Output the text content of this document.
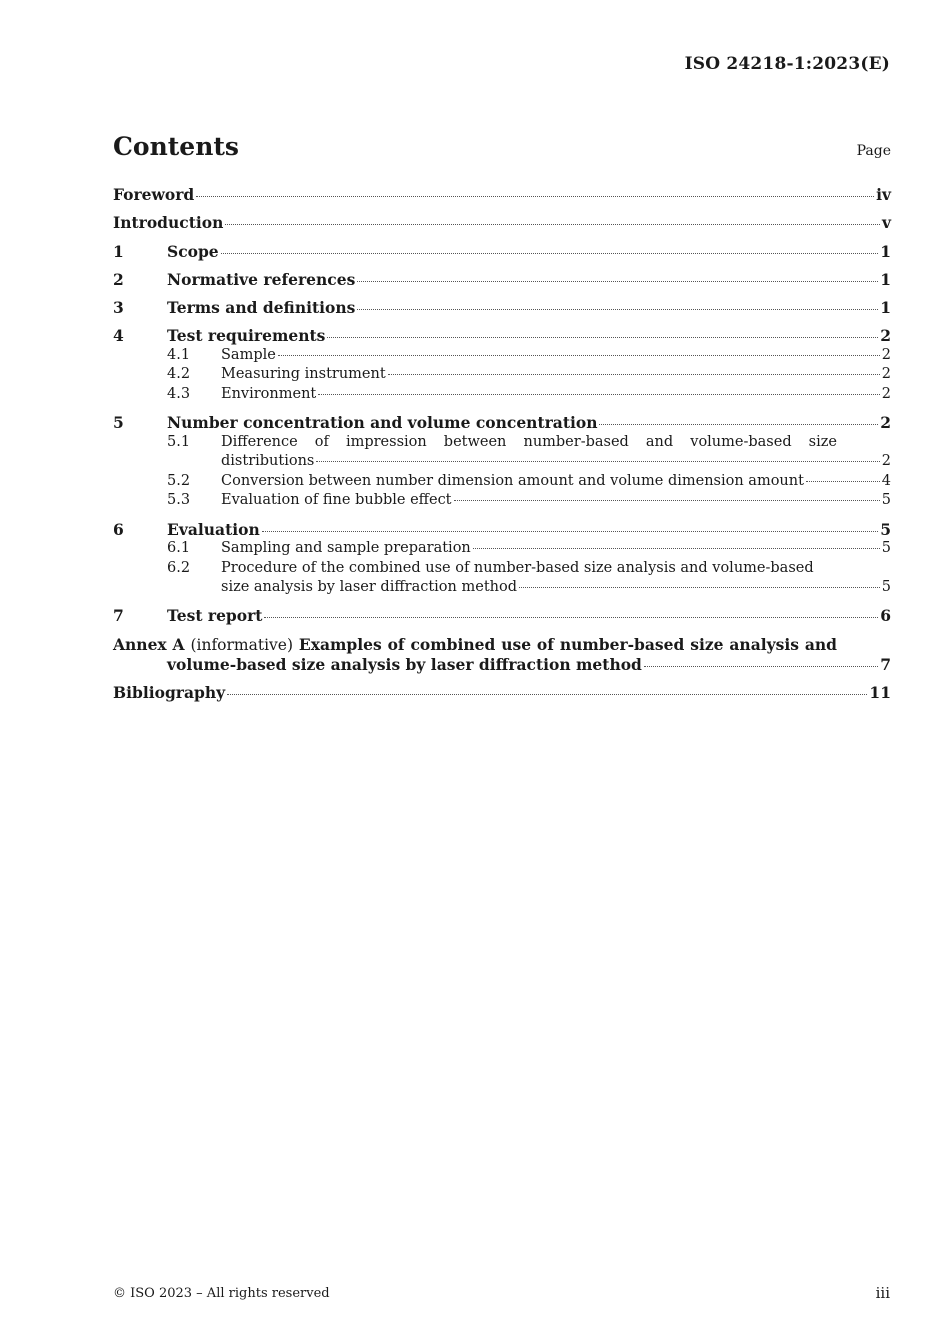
ISO 24218-1:2023(E)
Contents	Page
Foreword	iv
Introduction	v
1	Scope	1
2	Normative references	1
3	Terms and definitions	1
4	Test requirements	2
4.1	Sample	2
4.2	Measuring instrument	2
4.3	Environment	2
5	Number concentration and volume concentration	2
5.1	Difference of impression between number-based and volume-based size
distributions	2
5.2	Conversion between number dimension amount and volume dimension amount	4
5.3	Evaluation of fine bubble effect	5
6	Evaluation	5
6.1	Sampling and sample preparation	5
6.2	Procedure of the combined use of number-based size analysis and volume-based
size analysis by laser diffraction method	5
7	Test report	6
Annex A (informative) Examples of combined use of number-based size analysis and
volume-based size analysis by laser diffraction method	7
Bibliography	11
© ISO 2023 – All rights reserved	iii
